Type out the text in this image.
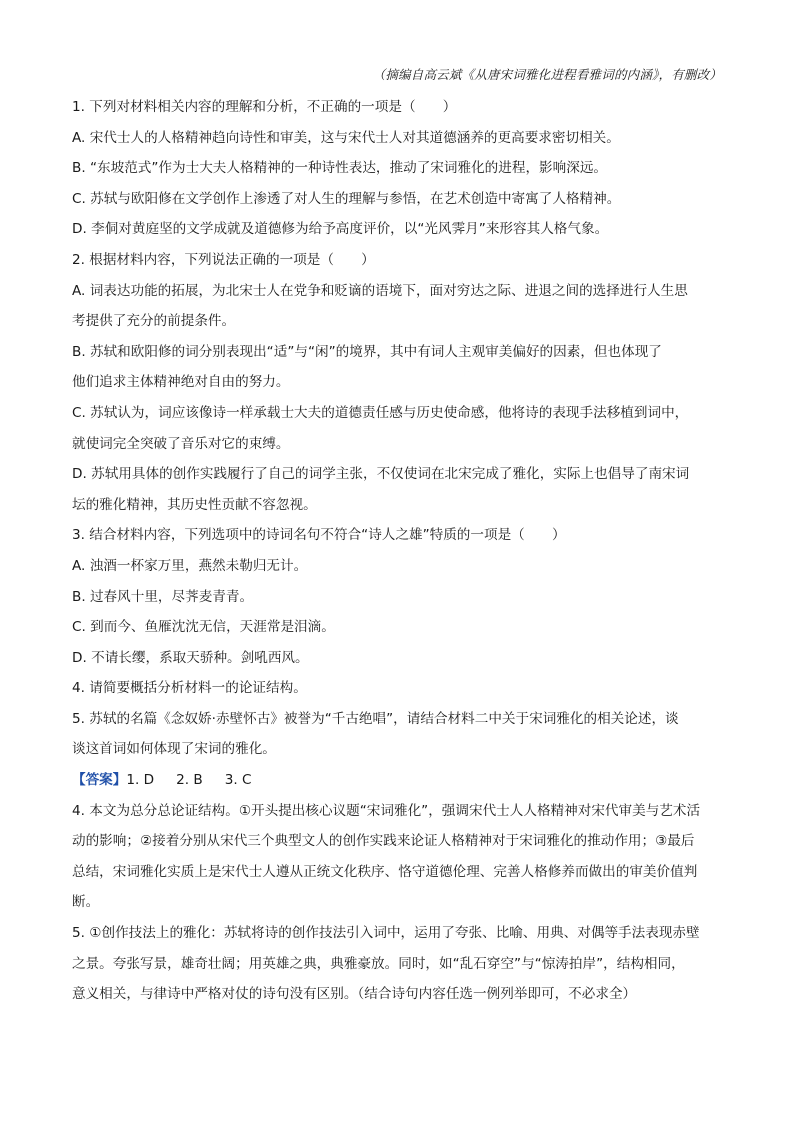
（摘编自高云斌《从唐宋词雅化进程看雅词的内涵》，有删改）

1. 下列对材料相关内容的理解和分析，不正确的一项是（　　）

A. 宋代士人的人格精神趋向诗性和审美，这与宋代士人对其道德涵养的更高要求密切相关。

B. “东坡范式”作为士大夫人格精神的一种诗性表达，推动了宋词雅化的进程，影响深远。

C. 苏轼与欧阳修在文学创作上渗透了对人生的理解与参悟，在艺术创造中寄寓了人格精神。

D. 李侗对黄庭坚的文学成就及道德修为给予高度评价，以“光风霁月”来形容其人格气象。

2. 根据材料内容，下列说法正确的一项是（　　）

A. 词表达功能的拓展，为北宋士人在党争和贬谪的语境下，面对穷达之际、进退之间的选择进行人生思

考提供了充分的前提条件。

B. 苏轼和欧阳修的词分别表现出“适”与“闲”的境界，其中有词人主观审美偏好的因素，但也体现了

他们追求主体精神绝对自由的努力。

C. 苏轼认为，词应该像诗一样承载士大夫的道德责任感与历史使命感，他将诗的表现手法移植到词中，

就使词完全突破了音乐对它的束缚。

D. 苏轼用具体的创作实践履行了自己的词学主张，不仅使词在北宋完成了雅化，实际上也倡导了南宋词

坛的雅化精神，其历史性贡献不容忽视。

3. 结合材料内容，下列选项中的诗词名句不符合“诗人之雄”特质的一项是（　　）

A. 浊酒一杯家万里，燕然未勒归无计。

B. 过春风十里，尽荠麦青青。

C. 到而今、鱼雁沈沈无信，天涯常是泪滴。

D. 不请长缨，系取天骄种。剑吼西风。

4. 请简要概括分析材料一的论证结构。

5. 苏轼的名篇《念奴娇·赤壁怀古》被誉为“千古绝唱”，请结合材料二中关于宋词雅化的相关论述，谈

谈这首词如何体现了宋词的雅化。

【答案】1. D 2. B 3. C

4. 本文为总分总论证结构。①开头提出核心议题“宋词雅化”，强调宋代士人人格精神对宋代审美与艺术活

动的影响；②接着分别从宋代三个典型文人的创作实践来论证人格精神对于宋词雅化的推动作用；③最后

总结，宋词雅化实质上是宋代士人遵从正统文化秩序、恪守道德伦理、完善人格修养而做出的审美价值判

断。

5. ①创作技法上的雅化：苏轼将诗的创作技法引入词中，运用了夸张、比喻、用典、对偶等手法表现赤壁

之景。夸张写景，雄奇壮阔；用英雄之典，典雅豪放。同时，如“乱石穿空”与“惊涛拍岸”，结构相同，

意义相关，与律诗中严格对仗的诗句没有区别。（结合诗句内容任选一例列举即可，不必求全）
